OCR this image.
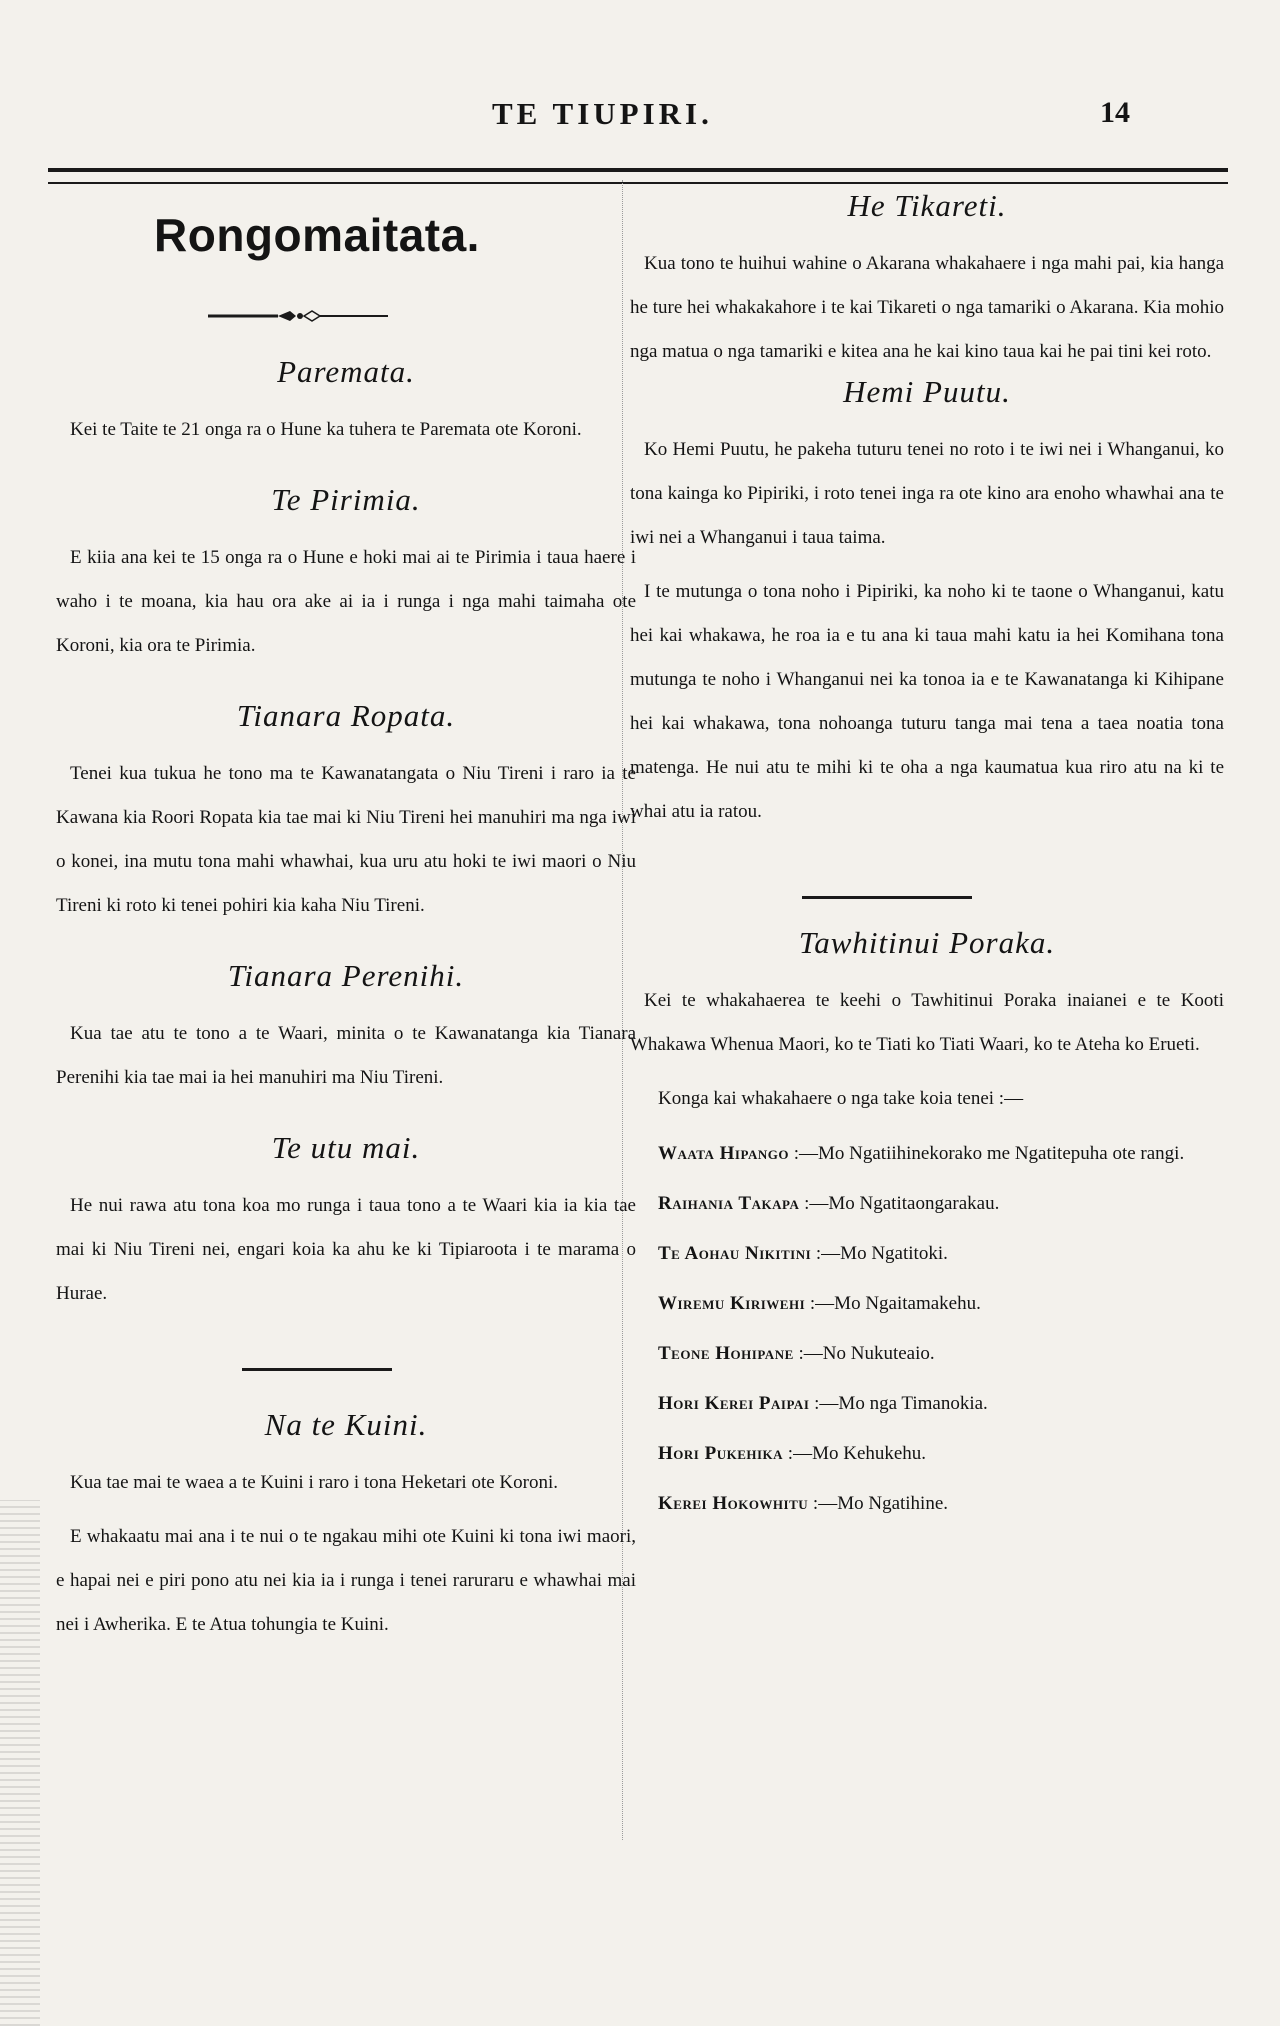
TE TIUPIRI.	14
Rongomaitata.
Paremata.

Kei te Taite te 21 onga ra o Hune ka tuhera te Paremata ote Koroni.

Te Pirimia.

E kiia ana kei te 15 onga ra o Hune e hoki mai ai te Pirimia i taua haere i waho i te moana, kia hau ora ake ai ia i runga i nga mahi taimaha ote Koroni, kia ora te Pirimia.

Tianara Ropata.

Tenei kua tukua he tono ma te Kawanatangata o Niu Tireni i raro ia te Kawana kia Roori Ropata kia tae mai ki Niu Tireni hei manuhiri ma nga iwi o konei, ina mutu tona mahi whawhai, kua uru atu hoki te iwi maori o Niu Tireni ki roto ki tenei pohiri kia kaha Niu Tireni.

Tianara Perenihi.

Kua tae atu te tono a te Waari, minita o te Kawanatanga kia Tianara Perenihi kia tae mai ia hei manuhiri ma Niu Tireni.

Te utu mai.

He nui rawa atu tona koa mo runga i taua tono a te Waari kia ia kia tae mai ki Niu Tireni nei, engari koia ka ahu ke ki Tipiaroota i te marama o Hurae.

Na te Kuini.

Kua tae mai te waea a te Kuini i raro i tona Heketari ote Koroni.

E whakaatu mai ana i te nui o te ngakau mihi ote Kuini ki tona iwi maori, e hapai nei e piri pono atu nei kia ia i runga i tenei raruraru e whawhai mai nei i Awherika. E te Atua tohungia te Kuini.

He Tikareti.

Kua tono te huihui wahine o Akarana whakahaere i nga mahi pai, kia hanga he ture hei whakakahore i te kai Tikareti o nga tamariki o Akarana. Kia mohio nga matua o nga tamariki e kitea ana he kai kino taua kai he pai tini kei roto.

Hemi Puutu.

Ko Hemi Puutu, he pakeha tuturu tenei no roto i te iwi nei i Whanganui, ko tona kainga ko Pipiriki, i roto tenei inga ra ote kino ara enoho whawhai ana te iwi nei a Whanganui i taua taima.

I te mutunga o tona noho i Pipiriki, ka noho ki te taone o Whanganui, katu hei kai whakawa, he roa ia e tu ana ki taua mahi katu ia hei Komihana tona mutunga te noho i Whanganui nei ka tonoa ia e te Kawanatanga ki Kihipane hei kai whakawa, tona nohoanga tuturu tanga mai tena a taea noatia tona matenga. He nui atu te mihi ki te oha a nga kaumatua kua riro atu na ki te whai atu ia ratou.

Tawhitinui Poraka.

Kei te whakahaerea te keehi o Tawhitinui Poraka inaianei e te Kooti Whakawa Whenua Maori, ko te Tiati ko Tiati Waari, ko te Ateha ko Erueti.

Konga kai whakahaere o nga take koia tenei :—

Waata Hipango :—Mo Ngatiihinekorako me Ngatitepuha ote rangi.
Raihania Takapa :—Mo Ngatitaongarakau.
Te Aohau Nikitini :—Mo Ngatitoki.
Wiremu Kiriwehi :—Mo Ngaitamakehu.
Teone Hohipane :—No Nukuteaio.
Hori Kerei Paipai :—Mo nga Timanokia.
Hori Pukehika :—Mo Kehukehu.
Kerei Hokowhitu :—Mo Ngatihine.
